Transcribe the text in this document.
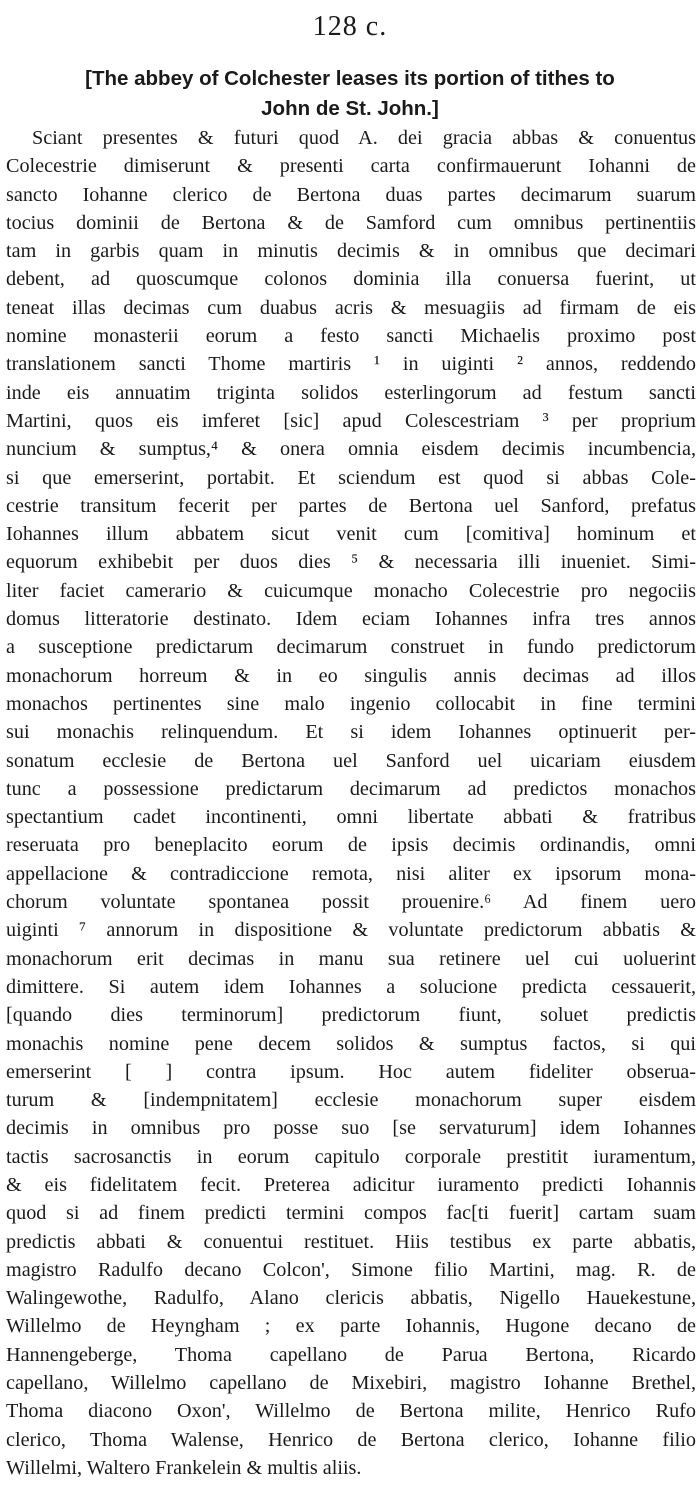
128 c.
[The abbey of Colchester leases its portion of tithes to
John de St. John.]
Sciant presentes & futuri quod A. dei gracia abbas & conuentus
Colecestrie dimiserunt & presenti carta confirmauerunt Iohanni de
sancto Iohanne clerico de Bertona duas partes decimarum suarum
tocius dominii de Bertona & de Samford cum omnibus pertinentiis
tam in garbis quam in minutis decimis & in omnibus que decimari
debent, ad quoscumque colonos dominia illa conuersa fuerint, ut
teneat illas decimas cum duabus acris & mesuagiis ad firmam de eis
nomine monasterii eorum a festo sancti Michaelis proximo post
translationem sancti Thome martiris ¹ in uiginti ² annos, reddendo
inde eis annuatim triginta solidos esterlingorum ad festum sancti
Martini, quos eis imferet [sic] apud Colescestriam ³ per proprium
nuncium & sumptus,⁴ & onera omnia eisdem decimis incumbencia,
si que emerserint, portabit. Et sciendum est quod si abbas Cole-
cestrie transitum fecerit per partes de Bertona uel Sanford, prefatus
Iohannes illum abbatem sicut venit cum [comitiva] hominum et
equorum exhibebit per duos dies ⁵ & necessaria illi inueniet. Simi-
liter faciet camerario & cuicumque monacho Colecestrie pro negociis
domus litteratorie destinato. Idem eciam Iohannes infra tres annos
a susceptione predictarum decimarum construet in fundo predictorum
monachorum horreum & in eo singulis annis decimas ad illos
monachos pertinentes sine malo ingenio collocabit in fine termini
sui monachis relinquendum. Et si idem Iohannes optinuerit per-
sonatum ecclesie de Bertona uel Sanford uel uicariam eiusdem
tunc a possessione predictarum decimarum ad predictos monachos
spectantium cadet incontinenti, omni libertate abbati & fratribus
reseruata pro beneplacito eorum de ipsis decimis ordinandis, omni
appellacione & contradiccione remota, nisi aliter ex ipsorum mona-
chorum voluntate spontanea possit prouenire.⁶ Ad finem uero
uiginti ⁷ annorum in dispositione & voluntate predictorum abbatis &
monachorum erit decimas in manu sua retinere uel cui uoluerint
dimittere. Si autem idem Iohannes a solucione predicta cessauerit,
[quando dies terminorum] predictorum fiunt, soluet predictis
monachis nomine pene decem solidos & sumptus factos, si qui
emerserint [ ] contra ipsum. Hoc autem fideliter obserua-
turum & [indempnitatem] ecclesie monachorum super eisdem
decimis in omnibus pro posse suo [se servaturum] idem Iohannes
tactis sacrosanctis in eorum capitulo corporale prestitit iuramentum,
& eis fidelitatem fecit. Preterea adicitur iuramento predicti Iohannis
quod si ad finem predicti termini compos fac[ti fuerit] cartam suam
predictis abbati & conuentui restituet. Hiis testibus ex parte abbatis,
magistro Radulfo decano Colcon', Simone filio Martini, mag. R. de
Walingewothe, Radulfo, Alano clericis abbatis, Nigello Hauekestune,
Willelmo de Heyngham ; ex parte Iohannis, Hugone decano de
Hannengeberge, Thoma capellano de Parua Bertona, Ricardo
capellano, Willelmo capellano de Mixebiri, magistro Iohanne Brethel,
Thoma diacono Oxon', Willelmo de Bertona milite, Henrico Rufo
clerico, Thoma Walense, Henrico de Bertona clerico, Iohanne filio
Willelmi, Waltero Frankelein & multis aliis.
